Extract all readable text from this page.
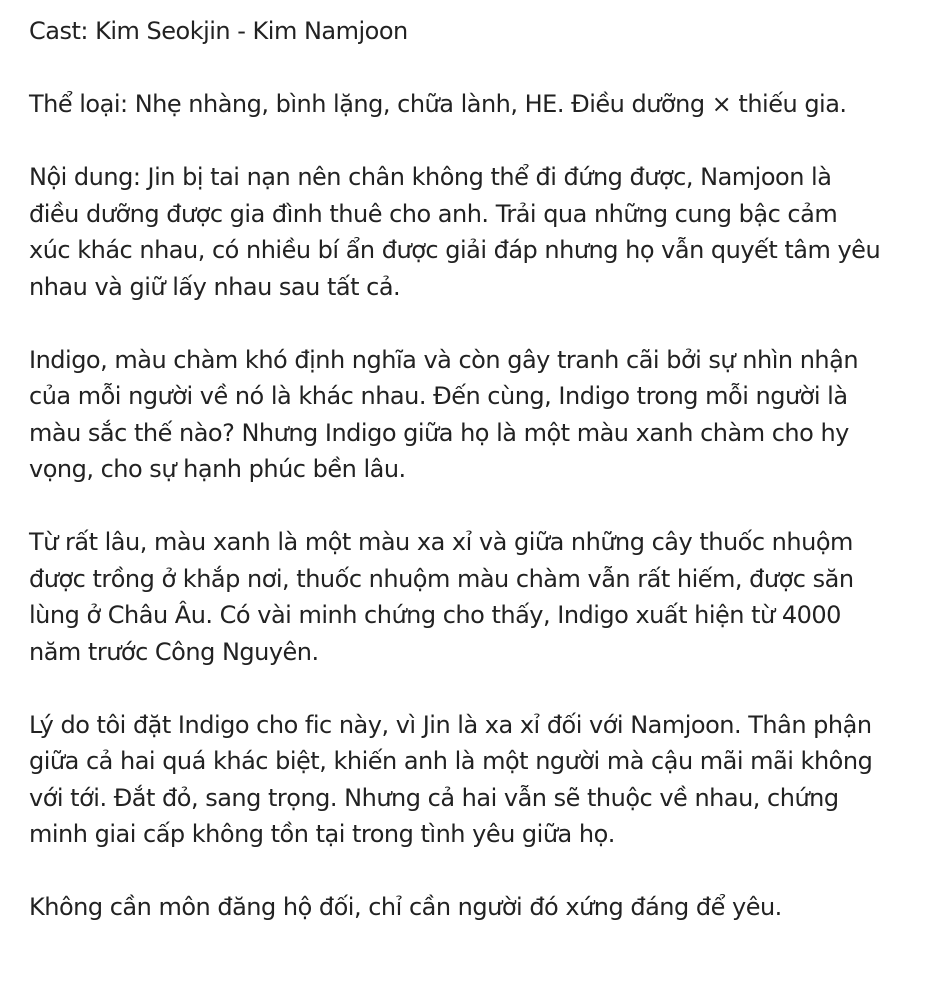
Cast: Kim Seokjin - Kim Namjoon

Thể loại: Nhẹ nhàng, bình lặng, chữa lành, HE. Điều dưỡng × thiếu gia.

Nội dung: Jin bị tai nạn nên chân không thể đi đứng được, Namjoon là
điều dưỡng được gia đình thuê cho anh. Trải qua những cung bậc cảm
xúc khác nhau, có nhiều bí ẩn được giải đáp nhưng họ vẫn quyết tâm yêu
nhau và giữ lấy nhau sau tất cả.

Indigo, màu chàm khó định nghĩa và còn gây tranh cãi bởi sự nhìn nhận
của mỗi người về nó là khác nhau. Đến cùng, Indigo trong mỗi người là
màu sắc thế nào? Nhưng Indigo giữa họ là một màu xanh chàm cho hy
vọng, cho sự hạnh phúc bền lâu.

Từ rất lâu, màu xanh là một màu xa xỉ và giữa những cây thuốc nhuộm
được trồng ở khắp nơi, thuốc nhuộm màu chàm vẫn rất hiếm, được săn
lùng ở Châu Âu. Có vài minh chứng cho thấy, Indigo xuất hiện từ 4000
năm trước Công Nguyên.

Lý do tôi đặt Indigo cho fic này, vì Jin là xa xỉ đối với Namjoon. Thân phận
giữa cả hai quá khác biệt, khiến anh là một người mà cậu mãi mãi không
với tới. Đắt đỏ, sang trọng. Nhưng cả hai vẫn sẽ thuộc về nhau, chứng
minh giai cấp không tồn tại trong tình yêu giữa họ.

Không cần môn đăng hộ đối, chỉ cần người đó xứng đáng để yêu.
